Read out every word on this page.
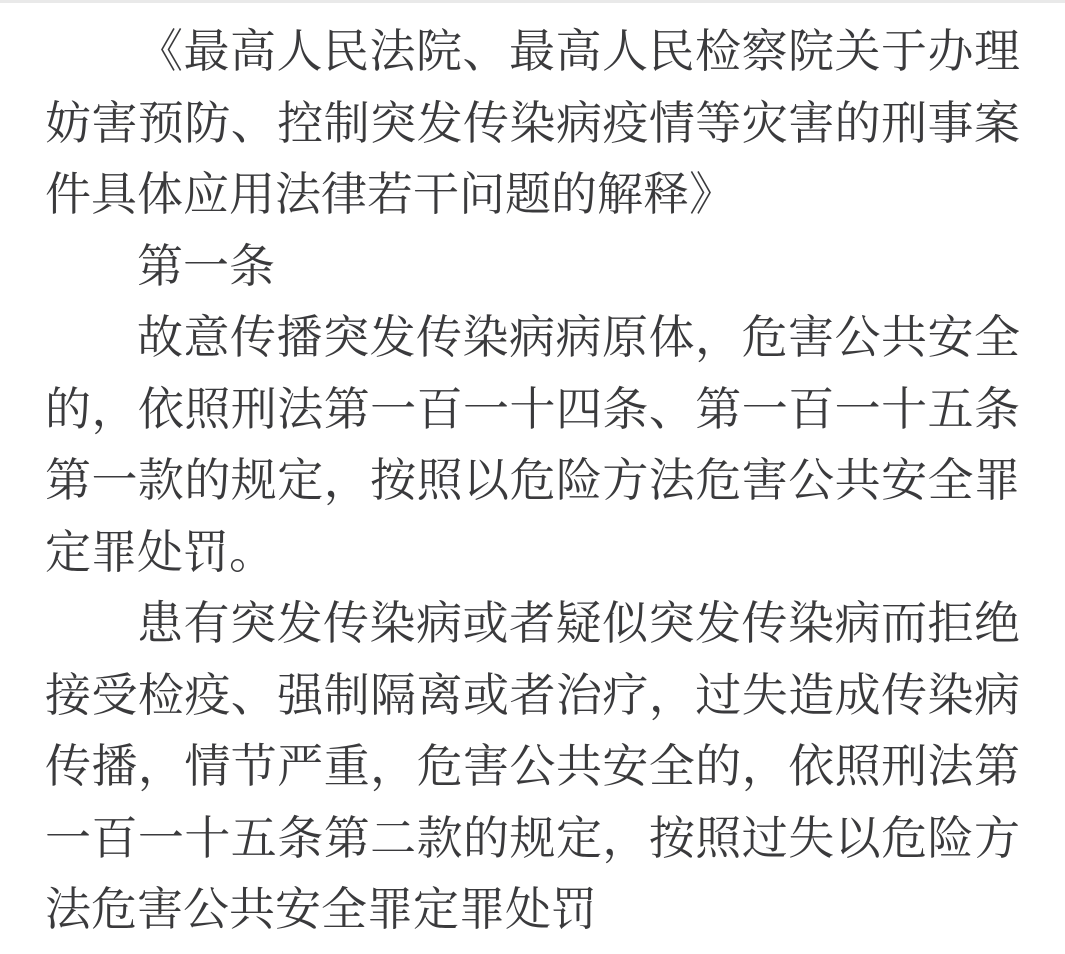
《最高人民法院、最高人民检察院关于办理妨害预防、控制突发传染病疫情等灾害的刑事案件具体应用法律若干问题的解释》

第一条

故意传播突发传染病病原体，危害公共安全的，依照刑法第一百一十四条、第一百一十五条第一款的规定，按照以危险方法危害公共安全罪定罪处罚。

患有突发传染病或者疑似突发传染病而拒绝接受检疫、强制隔离或者治疗，过失造成传染病传播，情节严重，危害公共安全的，依照刑法第一百一十五条第二款的规定，按照过失以危险方法危害公共安全罪定罪处罚
